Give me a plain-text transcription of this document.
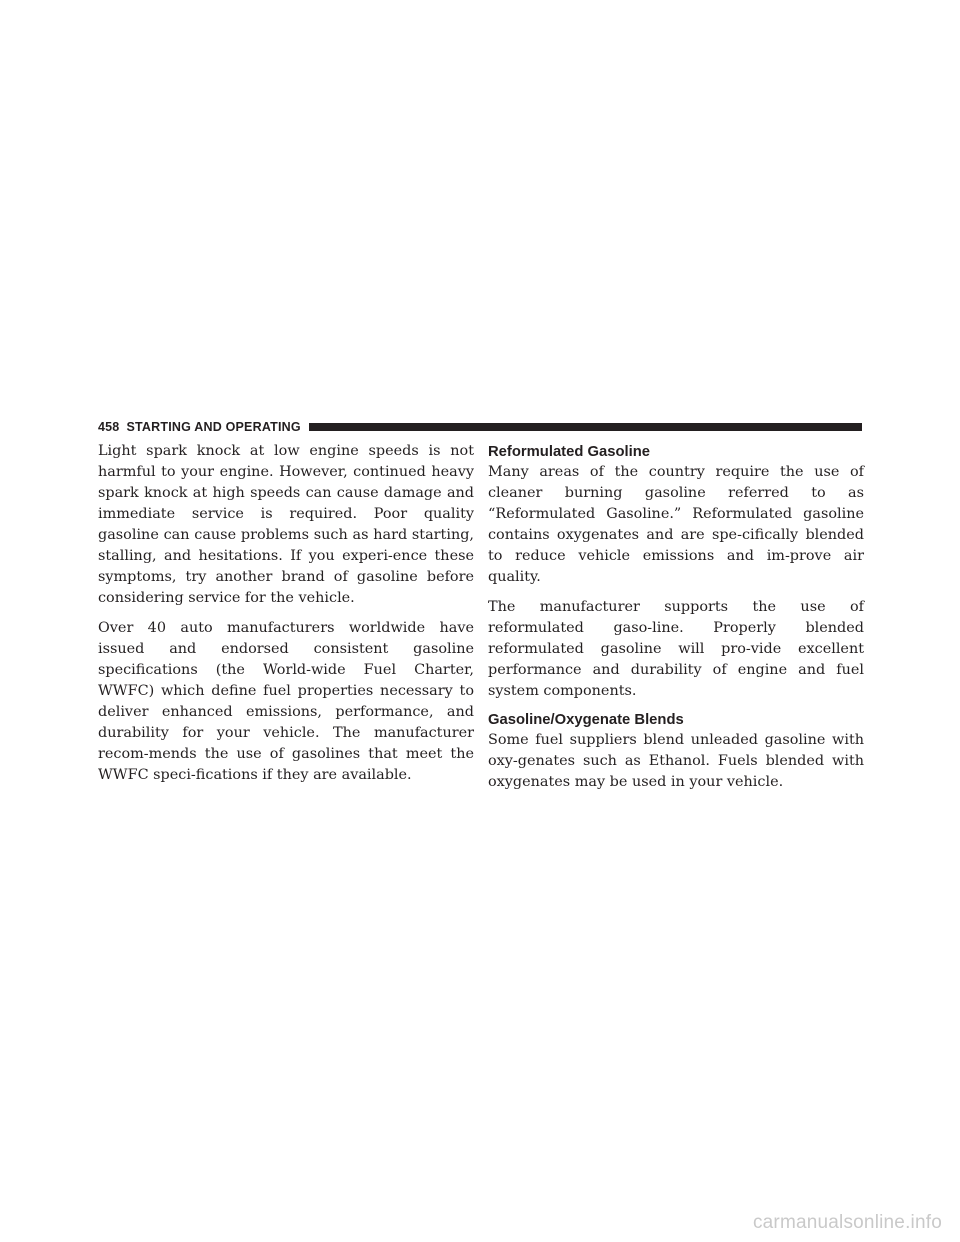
458 STARTING AND OPERATING

Light spark knock at low engine speeds is not harmful to your engine. However, continued heavy spark knock at high speeds can cause damage and immediate service is required. Poor quality gasoline can cause problems such as hard starting, stalling, and hesitations. If you experi-ence these symptoms, try another brand of gasoline before considering service for the vehicle.

Over 40 auto manufacturers worldwide have issued and endorsed consistent gasoline specifications (the World-wide Fuel Charter, WWFC) which define fuel properties necessary to deliver enhanced emissions, performance, and durability for your vehicle. The manufacturer recom-mends the use of gasolines that meet the WWFC speci-fications if they are available.

Reformulated Gasoline

Many areas of the country require the use of cleaner burning gasoline referred to as “Reformulated Gasoline.” Reformulated gasoline contains oxygenates and are spe-cifically blended to reduce vehicle emissions and im-prove air quality.

The manufacturer supports the use of reformulated gaso-line. Properly blended reformulated gasoline will pro-vide excellent performance and durability of engine and fuel system components.

Gasoline/Oxygenate Blends

Some fuel suppliers blend unleaded gasoline with oxy-genates such as Ethanol. Fuels blended with oxygenates may be used in your vehicle.

carmanualsonline.info
